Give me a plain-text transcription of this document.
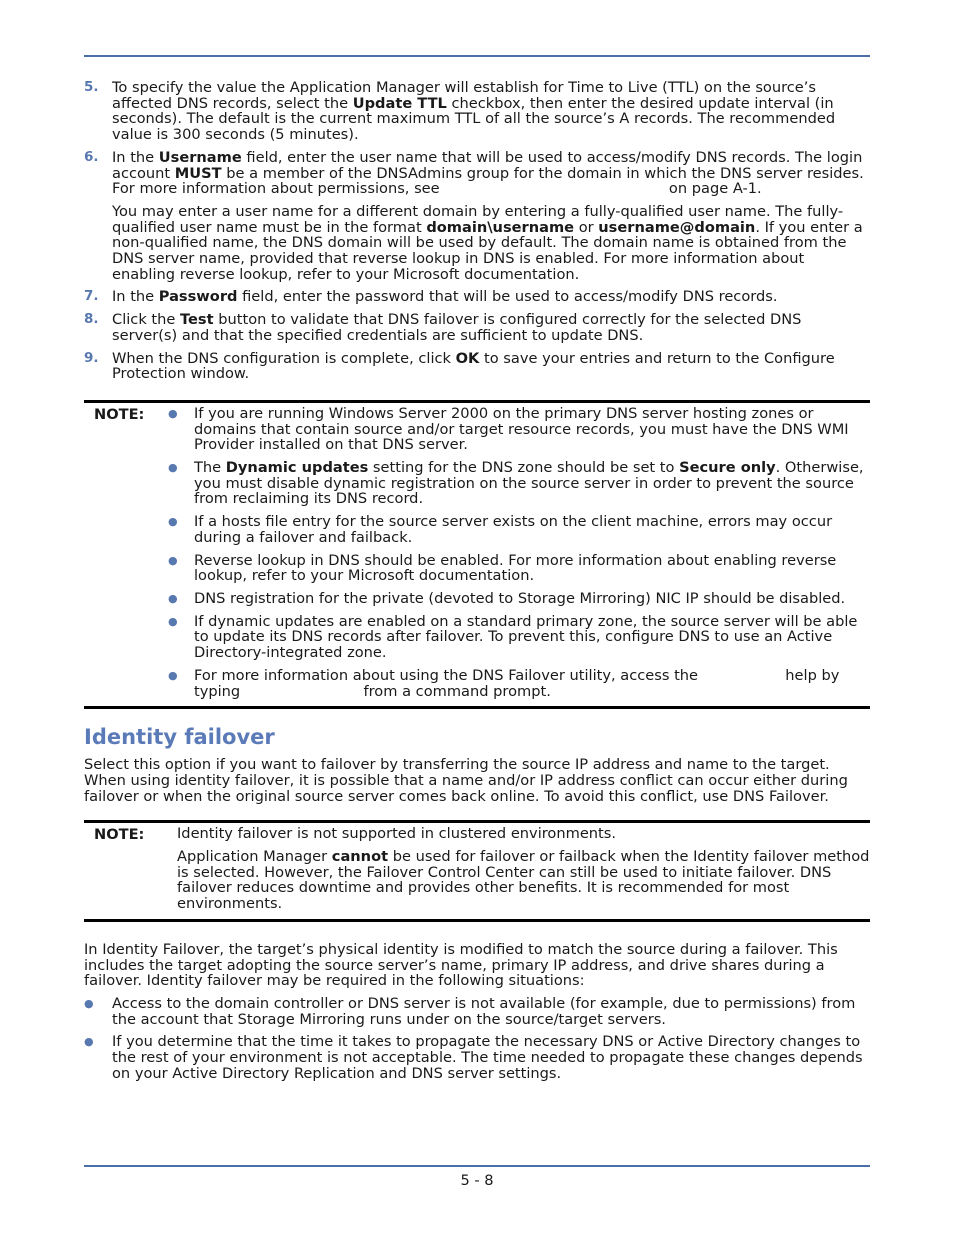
5. To specify the value the Application Manager will establish for Time to Live (TTL) on the source’s affected DNS records, select the Update TTL checkbox, then enter the desired update interval (in seconds). The default is the current maximum TTL of all the source’s A records. The recommended value is 300 seconds (5 minutes).

6. In the Username field, enter the user name that will be used to access/modify DNS records. The login account MUST be a member of the DNSAdmins group for the domain in which the DNS server resides. For more information about permissions, see	on page A-1.

You may enter a user name for a different domain by entering a fully-qualified user name. The fully-qualified user name must be in the format domain\username or username@domain. If you enter a non-qualified name, the DNS domain will be used by default. The domain name is obtained from the DNS server name, provided that reverse lookup in DNS is enabled. For more information about enabling reverse lookup, refer to your Microsoft documentation.

7. In the Password field, enter the password that will be used to access/modify DNS records.

8. Click the Test button to validate that DNS failover is configured correctly for the selected DNS server(s) and that the specified credentials are sufficient to update DNS.

9. When the DNS configuration is complete, click OK to save your entries and return to the Configure Protection window.

NOTE: ● If you are running Windows Server 2000 on the primary DNS server hosting zones or domains that contain source and/or target resource records, you must have the DNS WMI Provider installed on that DNS server.
● The Dynamic updates setting for the DNS zone should be set to Secure only. Otherwise, you must disable dynamic registration on the source server in order to prevent the source from reclaiming its DNS record.
● If a hosts file entry for the source server exists on the client machine, errors may occur during a failover and failback.
● Reverse lookup in DNS should be enabled. For more information about enabling reverse lookup, refer to your Microsoft documentation.
● DNS registration for the private (devoted to Storage Mirroring) NIC IP should be disabled.
● If dynamic updates are enabled on a standard primary zone, the source server will be able to update its DNS records after failover. To prevent this, configure DNS to use an Active Directory-integrated zone.
● For more information about using the DNS Failover utility, access the	help by typing	from a command prompt.
Identity failover

Select this option if you want to failover by transferring the source IP address and name to the target. When using identity failover, it is possible that a name and/or IP address conflict can occur either during failover or when the original source server comes back online. To avoid this conflict, use DNS Failover.

NOTE: Identity failover is not supported in clustered environments.

Application Manager cannot be used for failover or failback when the Identity failover method is selected. However, the Failover Control Center can still be used to initiate failover. DNS failover reduces downtime and provides other benefits. It is recommended for most environments.

In Identity Failover, the target’s physical identity is modified to match the source during a failover. This includes the target adopting the source server’s name, primary IP address, and drive shares during a failover. Identity failover may be required in the following situations:

● Access to the domain controller or DNS server is not available (for example, due to permissions) from the account that Storage Mirroring runs under on the source/target servers.
● If you determine that the time it takes to propagate the necessary DNS or Active Directory changes to the rest of your environment is not acceptable. The time needed to propagate these changes depends on your Active Directory Replication and DNS server settings.
5 - 8
